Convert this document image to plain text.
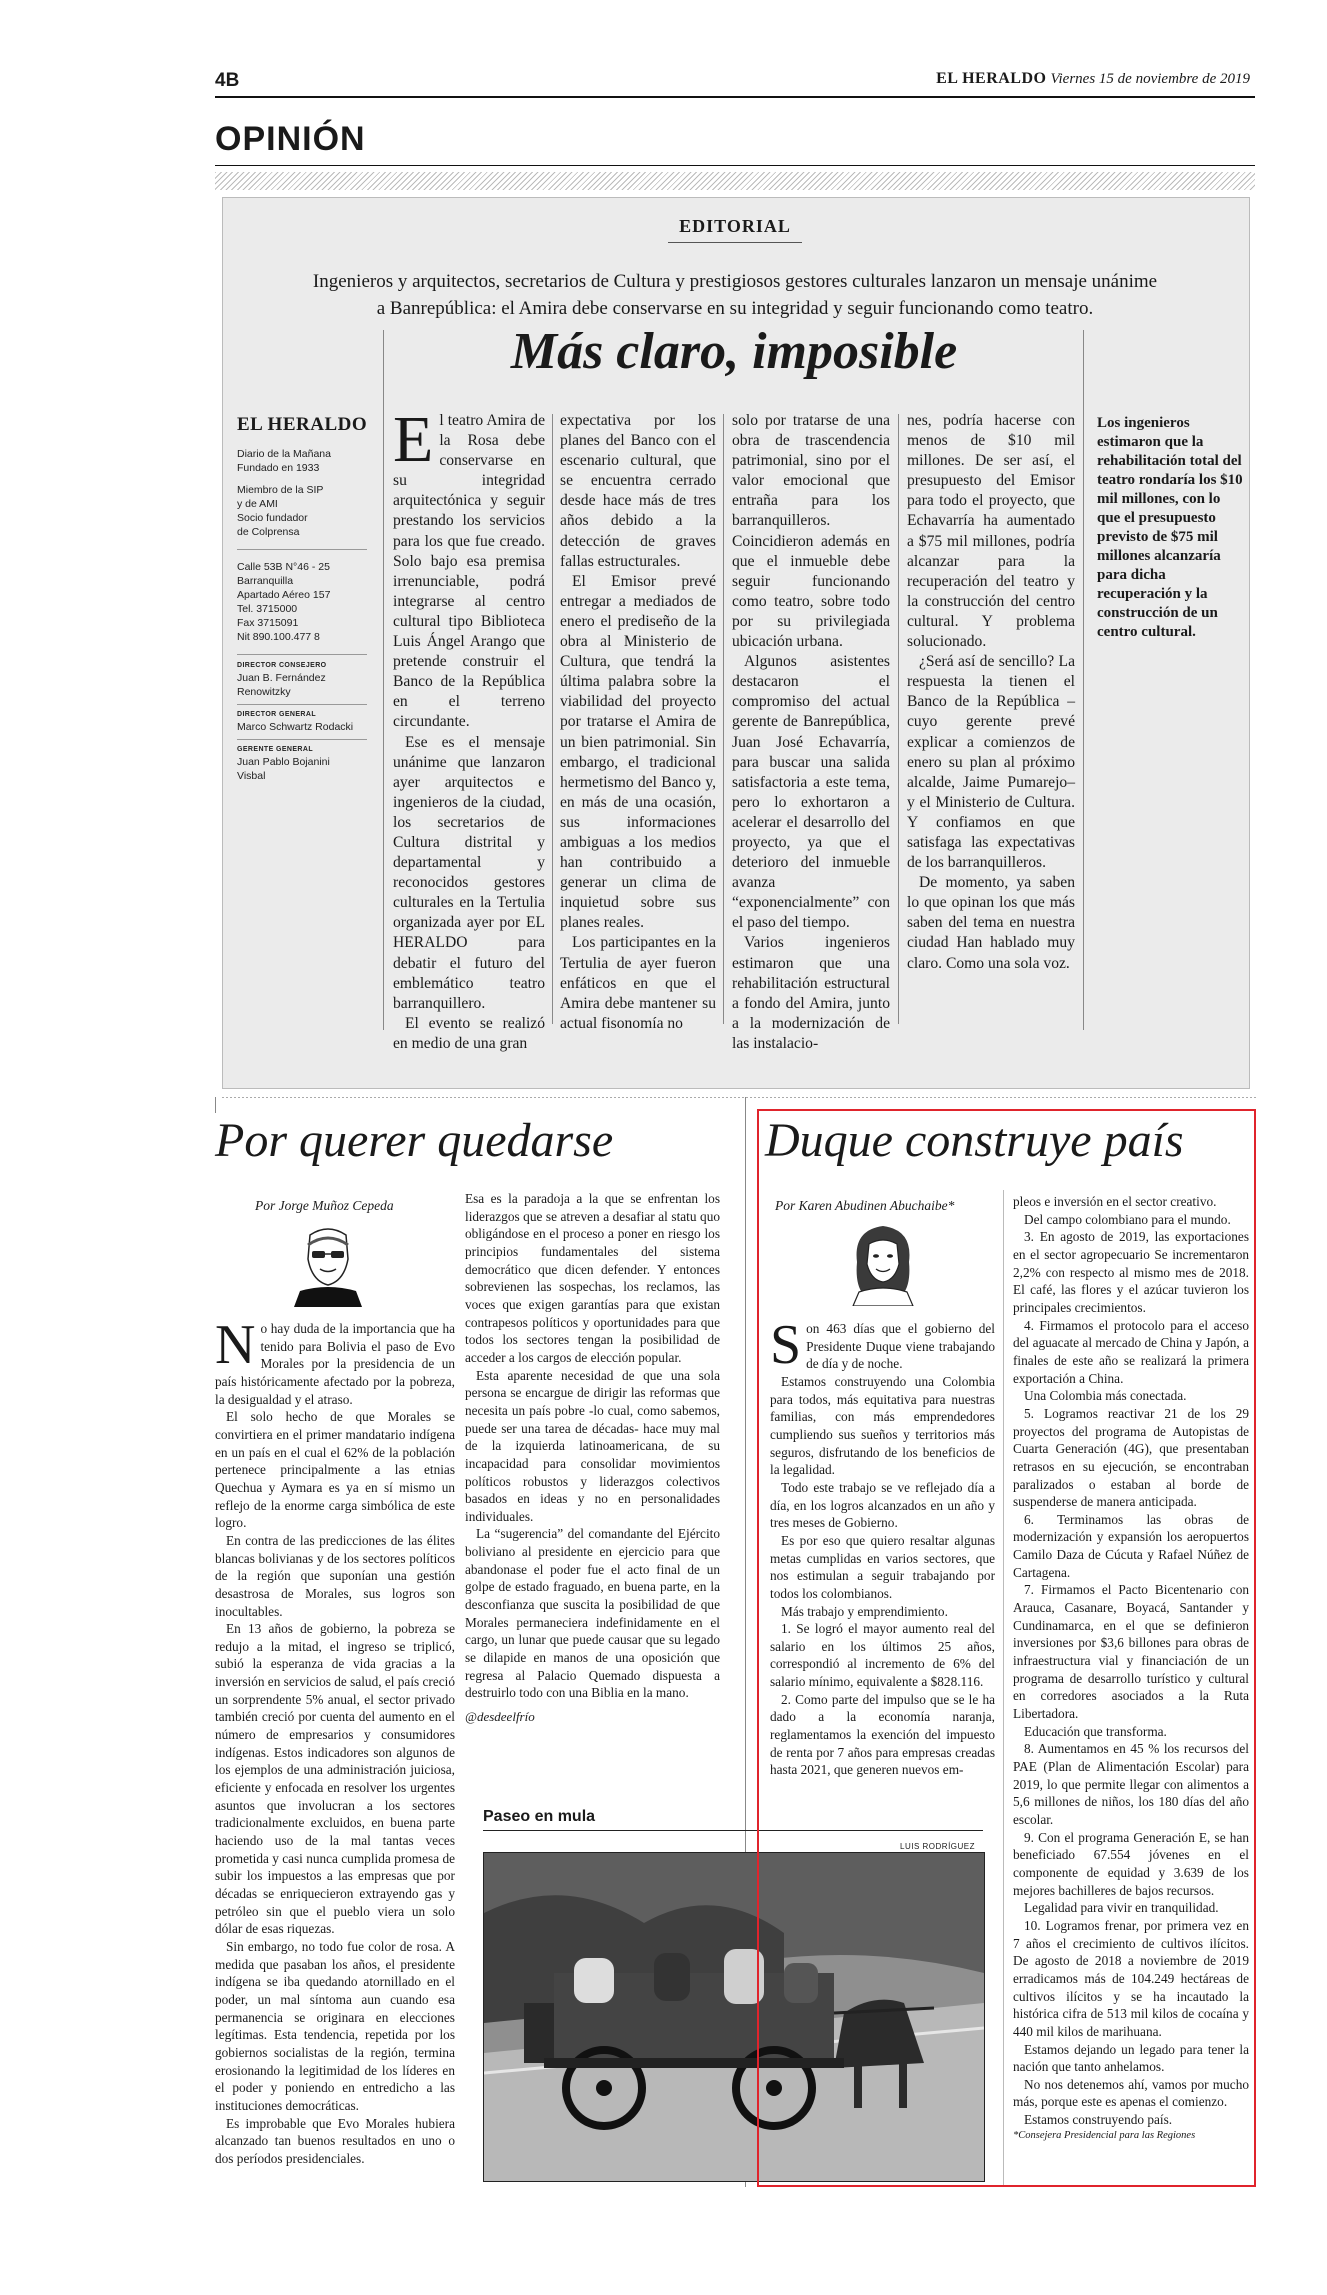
4B	EL HERALDO Viernes 15 de noviembre de 2019
OPINIÓN
EDITORIAL
Ingenieros y arquitectos, secretarios de Cultura y prestigiosos gestores culturales lanzaron un mensaje unánime a Banrepública: el Amira debe conservarse en su integridad y seguir funcionando como teatro.
Más claro, imposible
EL HERALDO
Diario de la Mañana
Fundado en 1933
Miembro de la SIP
y de AMI
Socio fundador
de Colprensa
Calle 53B N°46 - 25
Barranquilla
Apartado Aéreo 157
Tel. 3715000
Fax 3715091
Nit 890.100.477 8
DIRECTOR CONSEJERO
Juan B. Fernández
Renowitzky
DIRECTOR GENERAL
Marco Schwartz Rodacki
GERENTE GENERAL
Juan Pablo Bojanini
Visbal

El teatro Amira de la Rosa debe conservarse en su integridad arquitectónica y seguir prestando los servicios para los que fue creado. Solo bajo esa premisa irrenunciable, podrá integrarse al centro cultural tipo Biblioteca Luis Ángel Arango que pretende construir el Banco de la República en el terreno circundante.

Ese es el mensaje unánime que lanzaron ayer arquitectos e ingenieros de la ciudad, los secretarios de Cultura distrital y departamental y reconocidos gestores culturales en la Tertulia organizada ayer por EL HERALDO para debatir el futuro del emblemático teatro barranquillero.

El evento se realizó en medio de una gran

expectativa por los planes del Banco con el escenario cultural, que se encuentra cerrado desde hace más de tres años debido a la detección de graves fallas estructurales.

El Emisor prevé entregar a mediados de enero el prediseño de la obra al Ministerio de Cultura, que tendrá la última palabra sobre la viabilidad del proyecto por tratarse el Amira de un bien patrimonial. Sin embargo, el tradicional hermetismo del Banco y, en más de una ocasión, sus informaciones ambiguas a los medios han contribuido a generar un clima de inquietud sobre sus planes reales.

Los participantes en la Tertulia de ayer fueron enfáticos en que el Amira debe mantener su actual fisonomía no

solo por tratarse de una obra de trascendencia patrimonial, sino por el valor emocional que entraña para los barranquilleros. Coincidieron además en que el inmueble debe seguir funcionando como teatro, sobre todo por su privilegiada ubicación urbana.

Algunos asistentes destacaron el compromiso del actual gerente de Banrepública, Juan José Echavarría, para buscar una salida satisfactoria a este tema, pero lo exhortaron a acelerar el desarrollo del proyecto, ya que el deterioro del inmueble avanza “exponencialmente” con el paso del tiempo.

Varios ingenieros estimaron que una rehabilitación estructural a fondo del Amira, junto a la modernización de las instalacio-

nes, podría hacerse con menos de $10 mil millones. De ser así, el presupuesto del Emisor para todo el proyecto, que Echavarría ha aumentado a $75 mil millones, podría alcanzar para la recuperación del teatro y la construcción del centro cultural. Y problema solucionado.

¿Será así de sencillo? La respuesta la tienen el Banco de la República –cuyo gerente prevé explicar a comienzos de enero su plan al próximo alcalde, Jaime Pumarejo– y el Ministerio de Cultura. Y confiamos en que satisfaga las expectativas de los barranquilleros.

De momento, ya saben lo que opinan los que más saben del tema en nuestra ciudad Han hablado muy claro. Como una sola voz.

Los ingenieros estimaron que la rehabilitación total del teatro rondaría los $10 mil millones, con lo que el presupuesto previsto de $75 mil millones alcanzaría para dicha recuperación y la construcción de un centro cultural.
Por querer quedarse
Por Jorge Muñoz Cepeda

No hay duda de la importancia que ha tenido para Bolivia el paso de Evo Morales por la presidencia de un país históricamente afectado por la pobreza, la desigualdad y el atraso.

El solo hecho de que Morales se convirtiera en el primer mandatario indígena en un país en el cual el 62% de la población pertenece principalmente a las etnias Quechua y Aymara es ya en sí mismo un reflejo de la enorme carga simbólica de este logro.

En contra de las predicciones de las élites blancas bolivianas y de los sectores políticos de la región que suponían una gestión desastrosa de Morales, sus logros son inocultables.

En 13 años de gobierno, la pobreza se redujo a la mitad, el ingreso se triplicó, subió la esperanza de vida gracias a la inversión en servicios de salud, el país creció un sorprendente 5% anual, el sector privado también creció por cuenta del aumento en el número de empresarios y consumidores indígenas. Estos indicadores son algunos de los ejemplos de una administración juiciosa, eficiente y enfocada en resolver los urgentes asuntos que involucran a los sectores tradicionalmente excluidos, en buena parte haciendo uso de la mal tantas veces prometida y casi nunca cumplida promesa de subir los impuestos a las empresas que por décadas se enriquecieron extrayendo gas y petróleo sin que el pueblo viera un solo dólar de esas riquezas.

Sin embargo, no todo fue color de rosa. A medida que pasaban los años, el presidente indígena se iba quedando atornillado en el poder, un mal síntoma aun cuando esa permanencia se originara en elecciones legítimas. Esta tendencia, repetida por los gobiernos socialistas de la región, termina erosionando la legitimidad de los líderes en el poder y poniendo en entredicho a las instituciones democráticas.

Es improbable que Evo Morales hubiera alcanzado tan buenos resultados en uno o dos períodos presidenciales.

Esa es la paradoja a la que se enfrentan los liderazgos que se atreven a desafiar al statu quo obligándose en el proceso a poner en riesgo los principios fundamentales del sistema democrático que dicen defender. Y entonces sobrevienen las sospechas, los reclamos, las voces que exigen garantías para que existan contrapesos políticos y oportunidades para que todos los sectores tengan la posibilidad de acceder a los cargos de elección popular.

Esta aparente necesidad de que una sola persona se encargue de dirigir las reformas que necesita un país pobre -lo cual, como sabemos, puede ser una tarea de décadas- hace muy mal de la izquierda latinoamericana, de su incapacidad para consolidar movimientos políticos robustos y liderazgos colectivos basados en ideas y no en personalidades individuales.

La “sugerencia” del comandante del Ejército boliviano al presidente en ejercicio para que abandonase el poder fue el acto final de un golpe de estado fraguado, en buena parte, en la desconfianza que suscita la posibilidad de que Morales permaneciera indefinidamente en el cargo, un lunar que puede causar que su legado se dilapide en manos de una oposición que regresa al Palacio Quemado dispuesta a destruirlo todo con una Biblia en la mano.

@desdeelfrío

Paseo en mula
LUIS RODRÍGUEZ
Duque construye país
Por Karen Abudinen Abuchaibe*

Son 463 días que el gobierno del Presidente Duque viene trabajando de día y de noche.

Estamos construyendo una Colombia para todos, más equitativa para nuestras familias, con más emprendedores cumpliendo sus sueños y territorios más seguros, disfrutando de los beneficios de la legalidad.

Todo este trabajo se ve reflejado día a día, en los logros alcanzados en un año y tres meses de Gobierno.

Es por eso que quiero resaltar algunas metas cumplidas en varios sectores, que nos estimulan a seguir trabajando por todos los colombianos.

Más trabajo y emprendimiento.

1. Se logró el mayor aumento real del salario en los últimos 25 años, correspondió al incremento de 6% del salario mínimo, equivalente a $828.116.

2. Como parte del impulso que se le ha dado a la economía naranja, reglamentamos la exención del impuesto de renta por 7 años para empresas creadas hasta 2021, que generen nuevos em-

pleos e inversión en el sector creativo.

Del campo colombiano para el mundo.

3. En agosto de 2019, las exportaciones en el sector agropecuario Se incrementaron 2,2% con respecto al mismo mes de 2018. El café, las flores y el azúcar tuvieron los principales crecimientos.

4. Firmamos el protocolo para el acceso del aguacate al mercado de China y Japón, a finales de este año se realizará la primera exportación a China.

Una Colombia más conectada.

5. Logramos reactivar 21 de los 29 proyectos del programa de Autopistas de Cuarta Generación (4G), que presentaban retrasos en su ejecución, se encontraban paralizados o estaban al borde de suspenderse de manera anticipada.

6. Terminamos las obras de modernización y expansión los aeropuertos Camilo Daza de Cúcuta y Rafael Núñez de Cartagena.

7. Firmamos el Pacto Bicentenario con Arauca, Casanare, Boyacá, Santander y Cundinamarca, en el que se definieron inversiones por $3,6 billones para obras de infraestructura vial y financiación de un programa de desarrollo turístico y cultural en corredores asociados a la Ruta Libertadora.

Educación que transforma.

8. Aumentamos en 45 % los recursos del PAE (Plan de Alimentación Escolar) para 2019, lo que permite llegar con alimentos a 5,6 millones de niños, los 180 días del año escolar.

9. Con el programa Generación E, se han beneficiado 67.554 jóvenes en el componente de equidad y 3.639 de los mejores bachilleres de bajos recursos.

Legalidad para vivir en tranquilidad.

10. Logramos frenar, por primera vez en 7 años el crecimiento de cultivos ilícitos. De agosto de 2018 a noviembre de 2019 erradicamos más de 104.249 hectáreas de cultivos ilícitos y se ha incautado la histórica cifra de 513 mil kilos de cocaína y 440 mil kilos de marihuana.

Estamos dejando un legado para tener la nación que tanto anhelamos.

No nos detenemos ahí, vamos por mucho más, porque este es apenas el comienzo.

Estamos construyendo país.

*Consejera Presidencial para las Regiones
